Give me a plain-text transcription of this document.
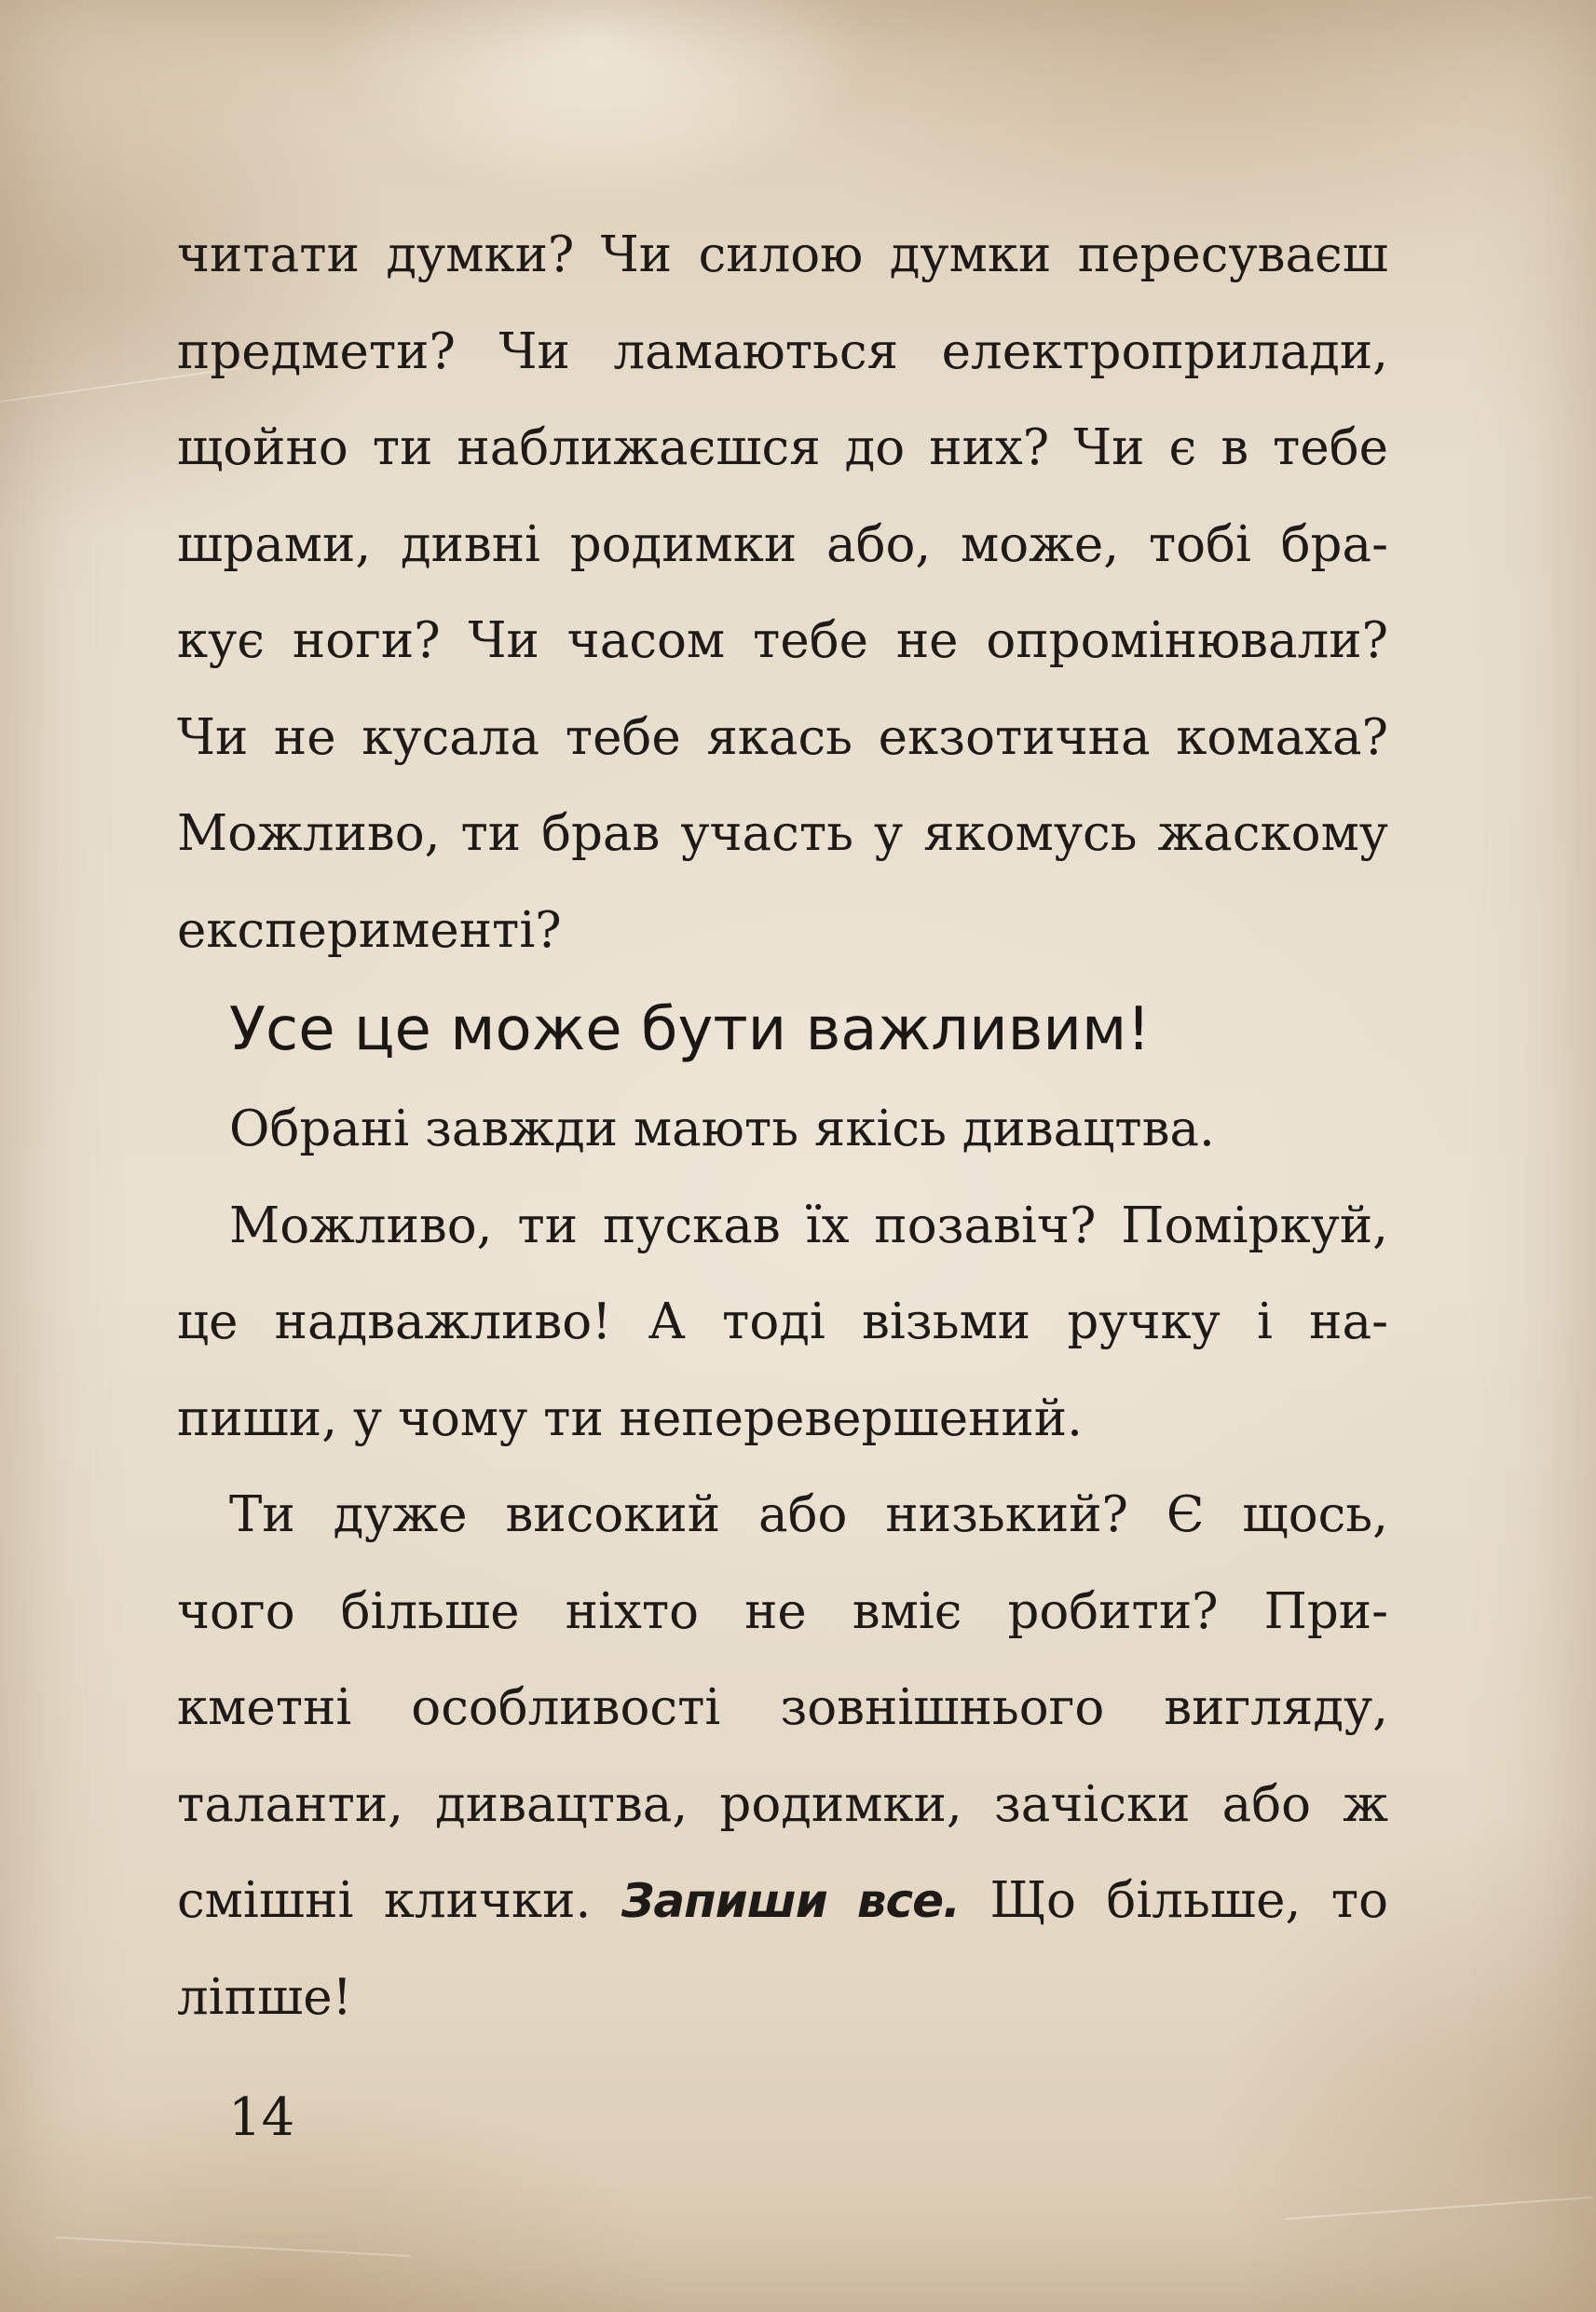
читати думки? Чи силою думки пересуваєш
предмети? Чи ламаються електроприлади,
щойно ти наближаєшся до них? Чи є в тебе
шрами, дивні родимки або, може, тобі бра-
кує ноги? Чи часом тебе не опромінювали?
Чи не кусала тебе якась екзотична комаха?
Можливо, ти брав участь у якомусь жаскому
експерименті?
Усе це може бути важливим!
Обрані завжди мають якісь дивацтва.
Можливо, ти пускав їх позавіч? Поміркуй,
це надважливо! А тоді візьми ручку і на-
пиши, у чому ти неперевершений.
Ти дуже високий або низький? Є щось,
чого більше ніхто не вміє робити? При-
кметні особливості зовнішнього вигляду,
таланти, дивацтва, родимки, зачіски або ж
смішні клички. Запиши все. Що більше, то
ліпше!
14
